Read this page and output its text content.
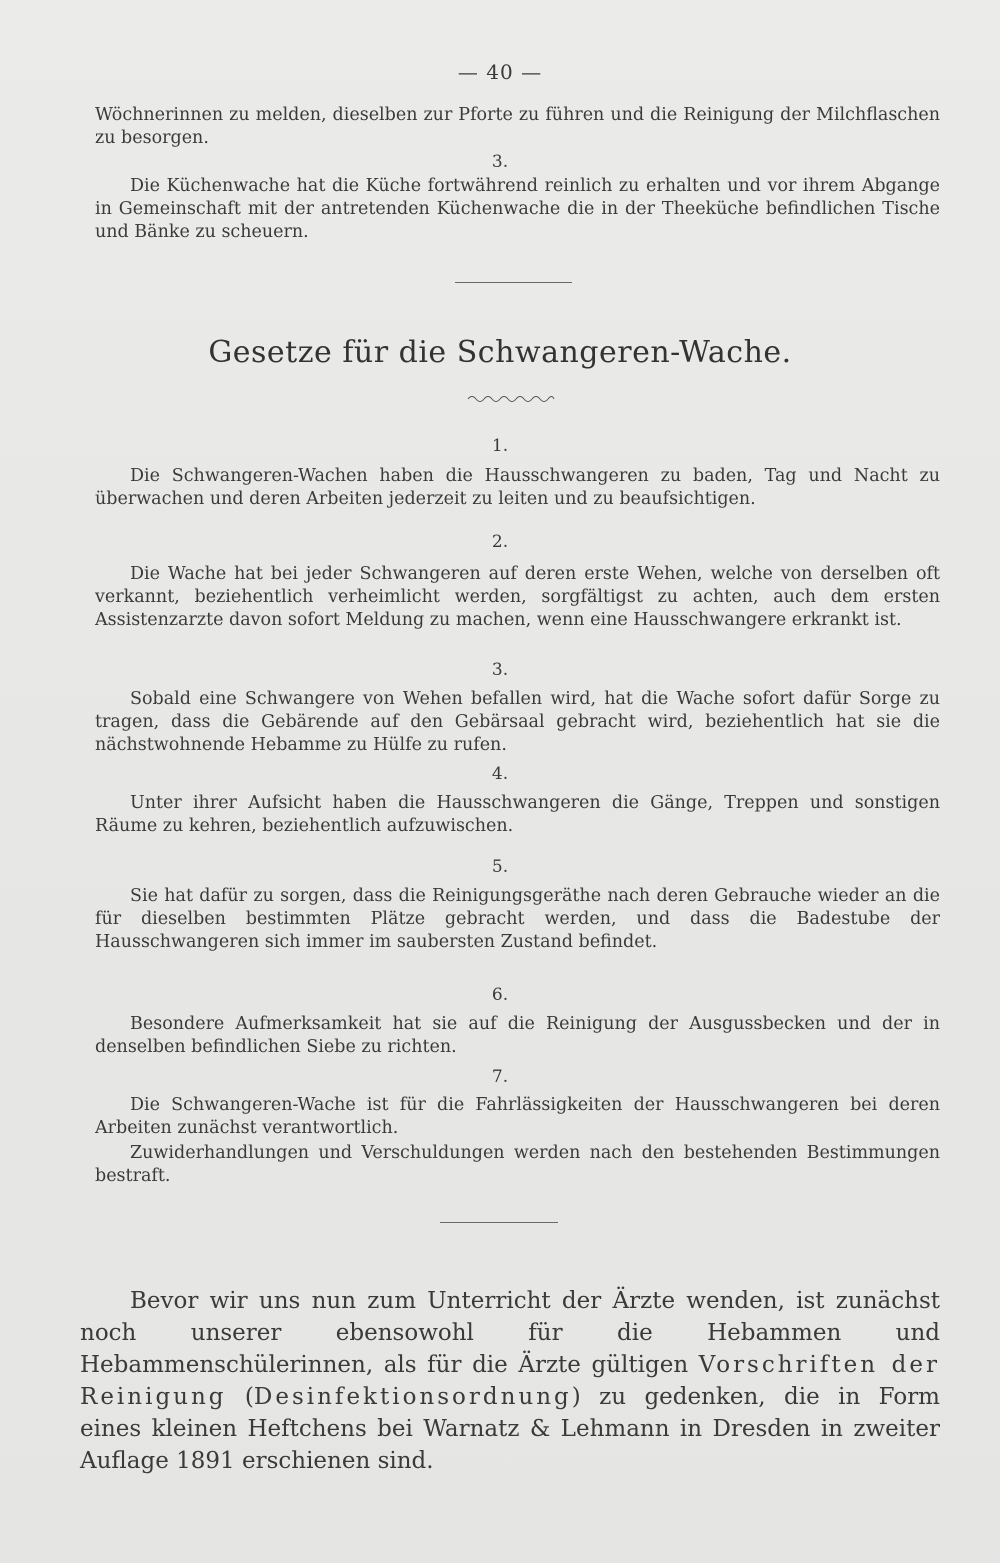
— 40 —

Wöchnerinnen zu melden, dieselben zur Pforte zu führen und die Reinigung der Milchflaschen zu besorgen.

3.

Die Küchenwache hat die Küche fortwährend reinlich zu erhalten und vor ihrem Abgange in Gemeinschaft mit der antretenden Küchenwache die in der Theeküche befindlichen Tische und Bänke zu scheuern.

Gesetze für die Schwangeren-Wache.
1.

Die Schwangeren-Wachen haben die Hausschwangeren zu baden, Tag und Nacht zu überwachen und deren Arbeiten jederzeit zu leiten und zu beaufsichtigen.

2.

Die Wache hat bei jeder Schwangeren auf deren erste Wehen, welche von derselben oft verkannt, beziehentlich verheimlicht werden, sorgfältigst zu achten, auch dem ersten Assistenzarzte davon sofort Meldung zu machen, wenn eine Hausschwangere erkrankt ist.

3.

Sobald eine Schwangere von Wehen befallen wird, hat die Wache sofort dafür Sorge zu tragen, dass die Gebärende auf den Gebärsaal gebracht wird, beziehentlich hat sie die nächstwohnende Hebamme zu Hülfe zu rufen.

4.

Unter ihrer Aufsicht haben die Hausschwangeren die Gänge, Treppen und sonstigen Räume zu kehren, beziehentlich aufzuwischen.

5.

Sie hat dafür zu sorgen, dass die Reinigungsgeräthe nach deren Gebrauche wieder an die für dieselben bestimmten Plätze gebracht werden, und dass die Badestube der Hausschwangeren sich immer im saubersten Zustand befindet.

6.

Besondere Aufmerksamkeit hat sie auf die Reinigung der Ausgussbecken und der in denselben befindlichen Siebe zu richten.

7.

Die Schwangeren-Wache ist für die Fahrlässigkeiten der Hausschwangeren bei deren Arbeiten zunächst verantwortlich.

Zuwiderhandlungen und Verschuldungen werden nach den bestehenden Bestimmungen bestraft.

Bevor wir uns nun zum Unterricht der Ärzte wenden, ist zunächst noch unserer ebensowohl für die Hebammen und Hebammenschülerinnen, als für die Ärzte gültigen Vorschriften der Reinigung (Desinfektionsordnung) zu gedenken, die in Form eines kleinen Heftchens bei Warnatz & Lehmann in Dresden in zweiter Auflage 1891 erschienen sind.
